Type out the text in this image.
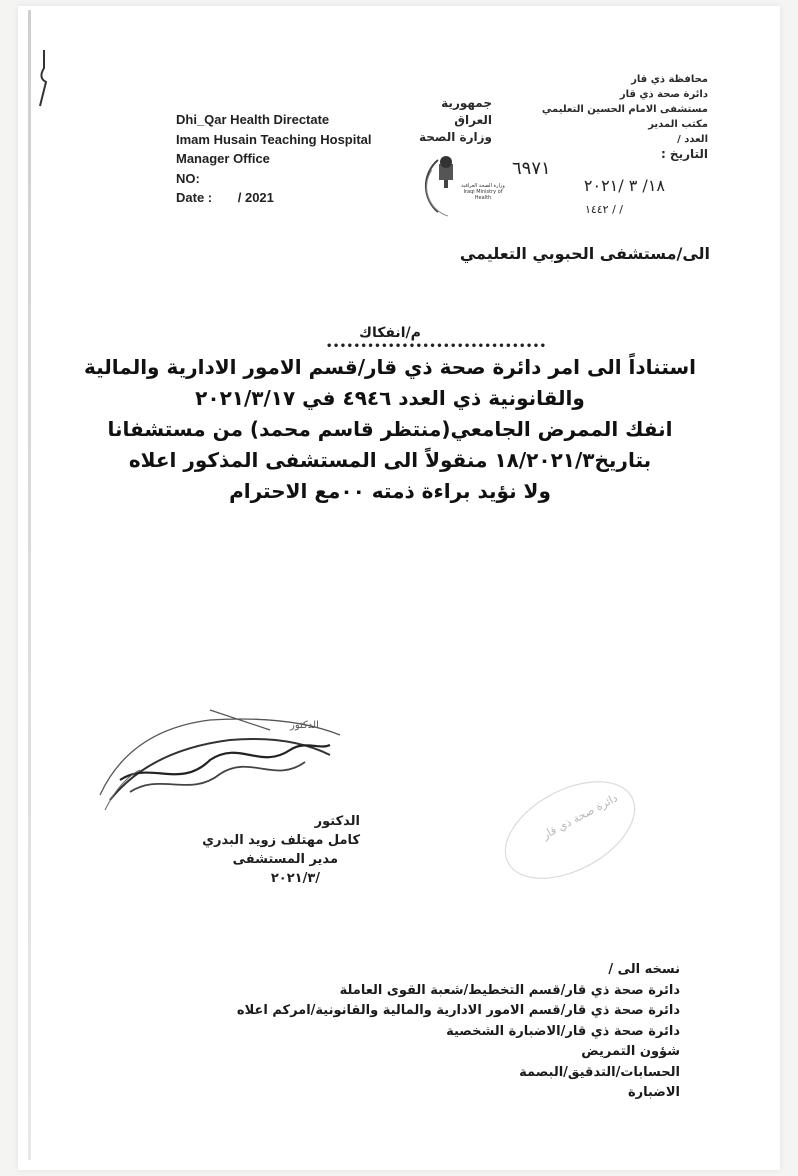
Dhi_Qar Health Directate
Imam Husain Teaching Hospital
Manager Office
NO:
Date : / 2021
جمهورية العراق
وزارة الصحة
وزارة الصحة العراقية
Iraqi Ministry of Health
محافظة ذي قار
دائرة صحة ذي قار
مستشفى الامام الحسين التعليمي
مكتب المدير
العدد /
التاريخ :
٦٩٧١
١٨/ ٣ /٢٠٢١
/ / ١٤٤٢
الى/مستشفى الحبوبي التعليمي
م/انفكاك
••••••••••••••••••••••••••••••••
استناداً الى امر دائرة صحة ذي قار/قسم الامور الادارية والمالية
والقانونية ذي العدد ٤٩٤٦ في ٢٠٢١/٣/١٧
انفك الممرض الجامعي(منتظر قاسم محمد) من مستشفانا
بتاريخ١٨/٢٠٢١/٣ منقولاً الى المستشفى المذكور اعلاه
ولا نؤيد براءة ذمته ٠٠مع الاحترام
الدكتور
الدكتور
كامل مهتلف زويد البدري
مدير المستشفى
/٢٠٢١/٣
دائرة صحة ذي قار
نسخه الى /
دائرة صحة ذي قار/قسم التخطيط/شعبة القوى العاملة
دائرة صحة ذي قار/قسم الامور الادارية والمالية والقانونية/امركم اعلاه
دائرة صحة ذي قار/الاضبارة الشخصية
شؤون التمريض
الحسابات/التدقيق/البصمة
الاضبارة
